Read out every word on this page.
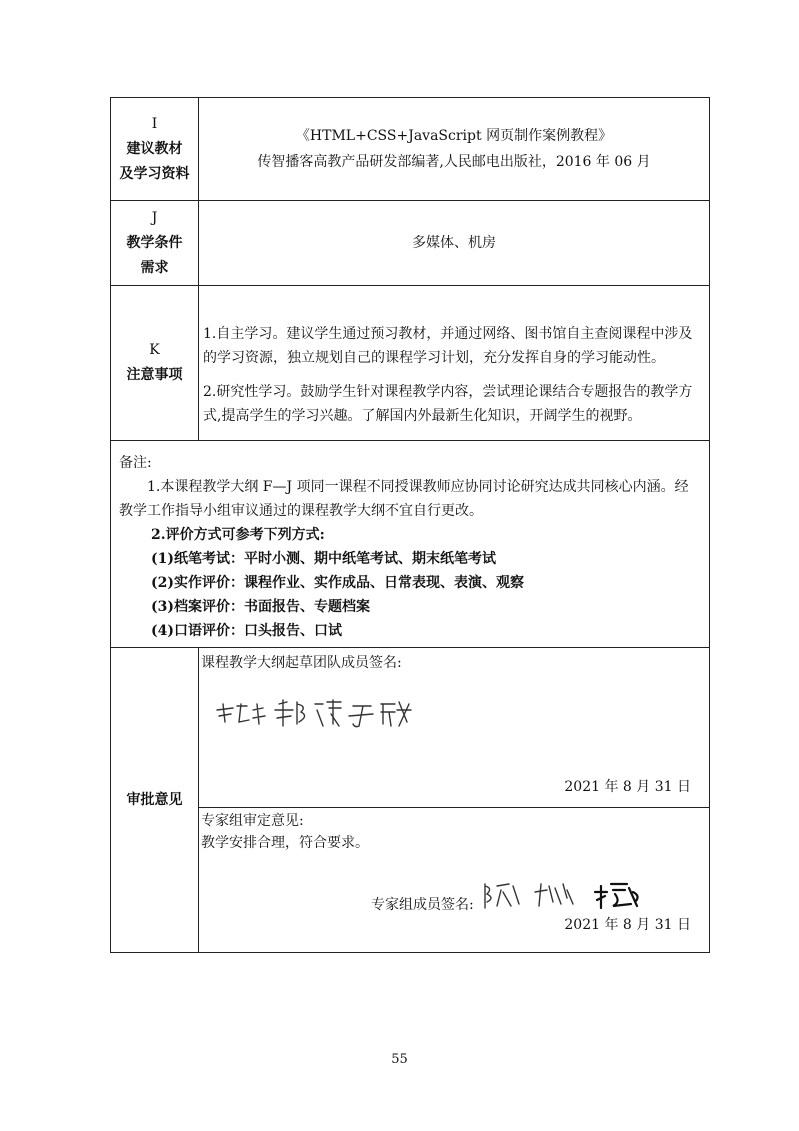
I
建议教材
及学习资料
《HTML+CSS+JavaScript 网页制作案例教程》
传智播客高教产品研发部编著,人民邮电出版社，2016 年 06 月
J
教学条件
需求
多媒体、机房
K
注意事项

1.自主学习。建议学生通过预习教材，并通过网络、图书馆自主查阅课程中涉及的学习资源，独立规划自己的课程学习计划，充分发挥自身的学习能动性。

2.研究性学习。鼓励学生针对课程教学内容，尝试理论课结合专题报告的教学方式,提高学生的学习兴趣。了解国内外最新生化知识，开阔学生的视野。

备注:

1.本课程教学大纲 F—J 项同一课程不同授课教师应协同讨论研究达成共同核心内涵。经教学工作指导小组审议通过的课程教学大纲不宜自行更改。

2.评价方式可参考下列方式:

(1)纸笔考试：平时小测、期中纸笔考试、期末纸笔考试

(2)实作评价：课程作业、实作成品、日常表现、表演、观察

(3)档案评价：书面报告、专题档案

(4)口语评价：口头报告、口试

审批意见
课程教学大纲起草团队成员签名:
2021 年 8 月 31 日
专家组审定意见:
教学安排合理，符合要求。
专家组成员签名:
2021 年 8 月 31 日
55
